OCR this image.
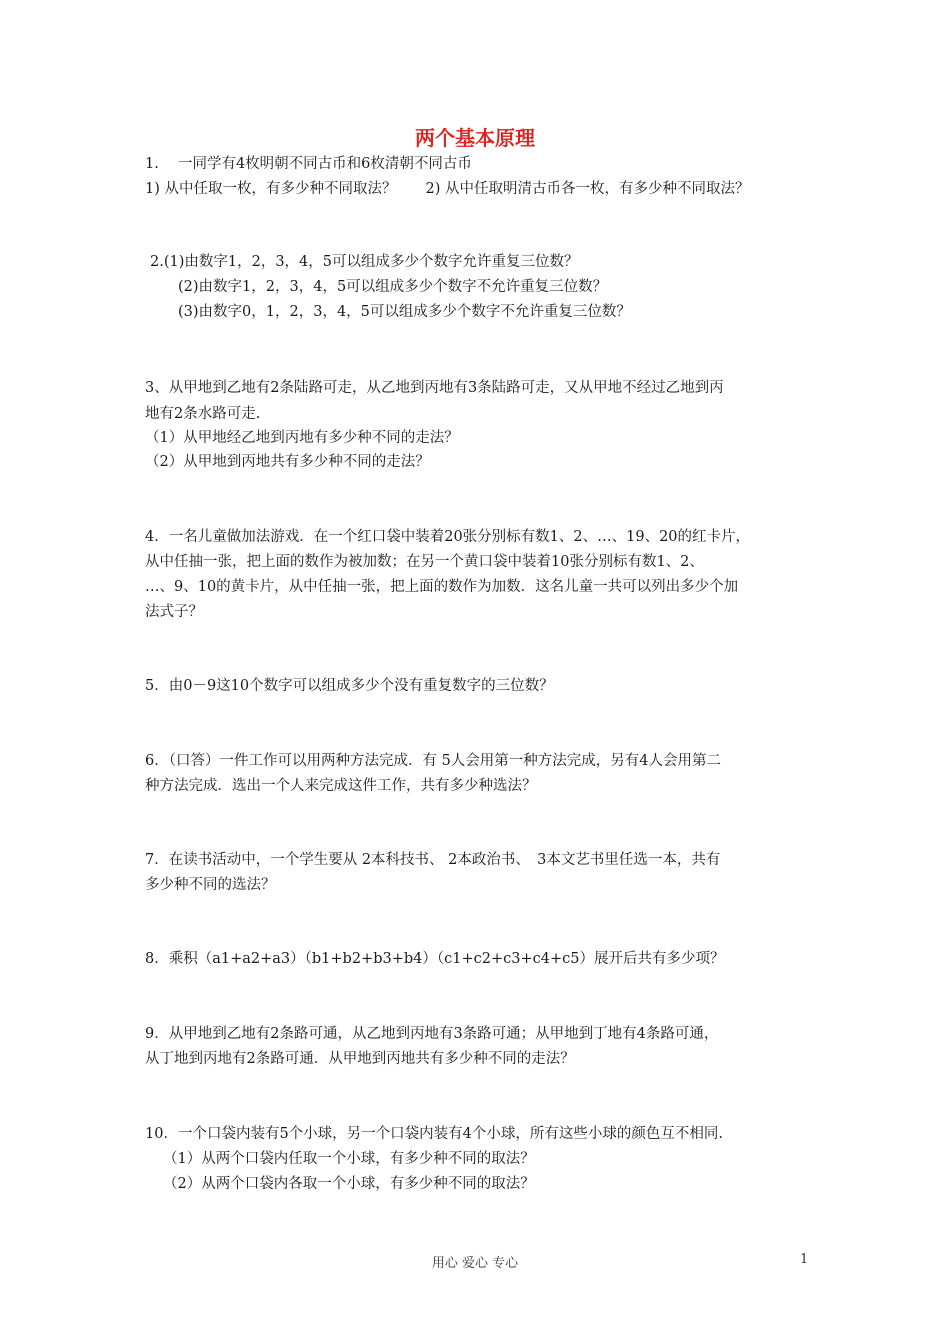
两个基本原理
1.　 一同学有4枚明朝不同古币和6枚清朝不同古币
1) 从中任取一枚，有多少种不同取法？　　2) 从中任取明清古币各一枚，有多少种不同取法？
2.(1)由数字1，2，3，4，5可以组成多少个数字允许重复三位数？
(2)由数字1，2，3，4，5可以组成多少个数字不允许重复三位数？
(3)由数字0，1，2，3，4，5可以组成多少个数字不允许重复三位数？
3、从甲地到乙地有2条陆路可走，从乙地到丙地有3条陆路可走，又从甲地不经过乙地到丙
地有2条水路可走.
（1）从甲地经乙地到丙地有多少种不同的走法？
（2）从甲地到丙地共有多少种不同的走法？
4．一名儿童做加法游戏．在一个红口袋中装着20张分别标有数1、2、…、19、20的红卡片，
从中任抽一张，把上面的数作为被加数；在另一个黄口袋中装着10张分别标有数1、2、
…、9、10的黄卡片，从中任抽一张，把上面的数作为加数．这名儿童一共可以列出多少个加
法式子？
5．由0－9这10个数字可以组成多少个没有重复数字的三位数？
6．（口答）一件工作可以用两种方法完成．有 5人会用第一种方法完成，另有4人会用第二
种方法完成．选出一个人来完成这件工作，共有多少种选法？
7．在读书活动中，一个学生要从 2本科技书、 2本政治书、　3本文艺书里任选一本，共有
多少种不同的选法？
8．乘积（a1+a2+a3）（b1+b2+b3+b4）（c1+c2+c3+c4+c5）展开后共有多少项？
9．从甲地到乙地有2条路可通，从乙地到丙地有3条路可通；从甲地到丁地有4条路可通，
从丁地到丙地有2条路可通．从甲地到丙地共有多少种不同的走法？
10．一个口袋内装有5个小球，另一个口袋内装有4个小球，所有这些小球的颜色互不相同.
（1）从两个口袋内任取一个小球，有多少种不同的取法？
（2）从两个口袋内各取一个小球，有多少种不同的取法？
用心 爱心 专心	1
